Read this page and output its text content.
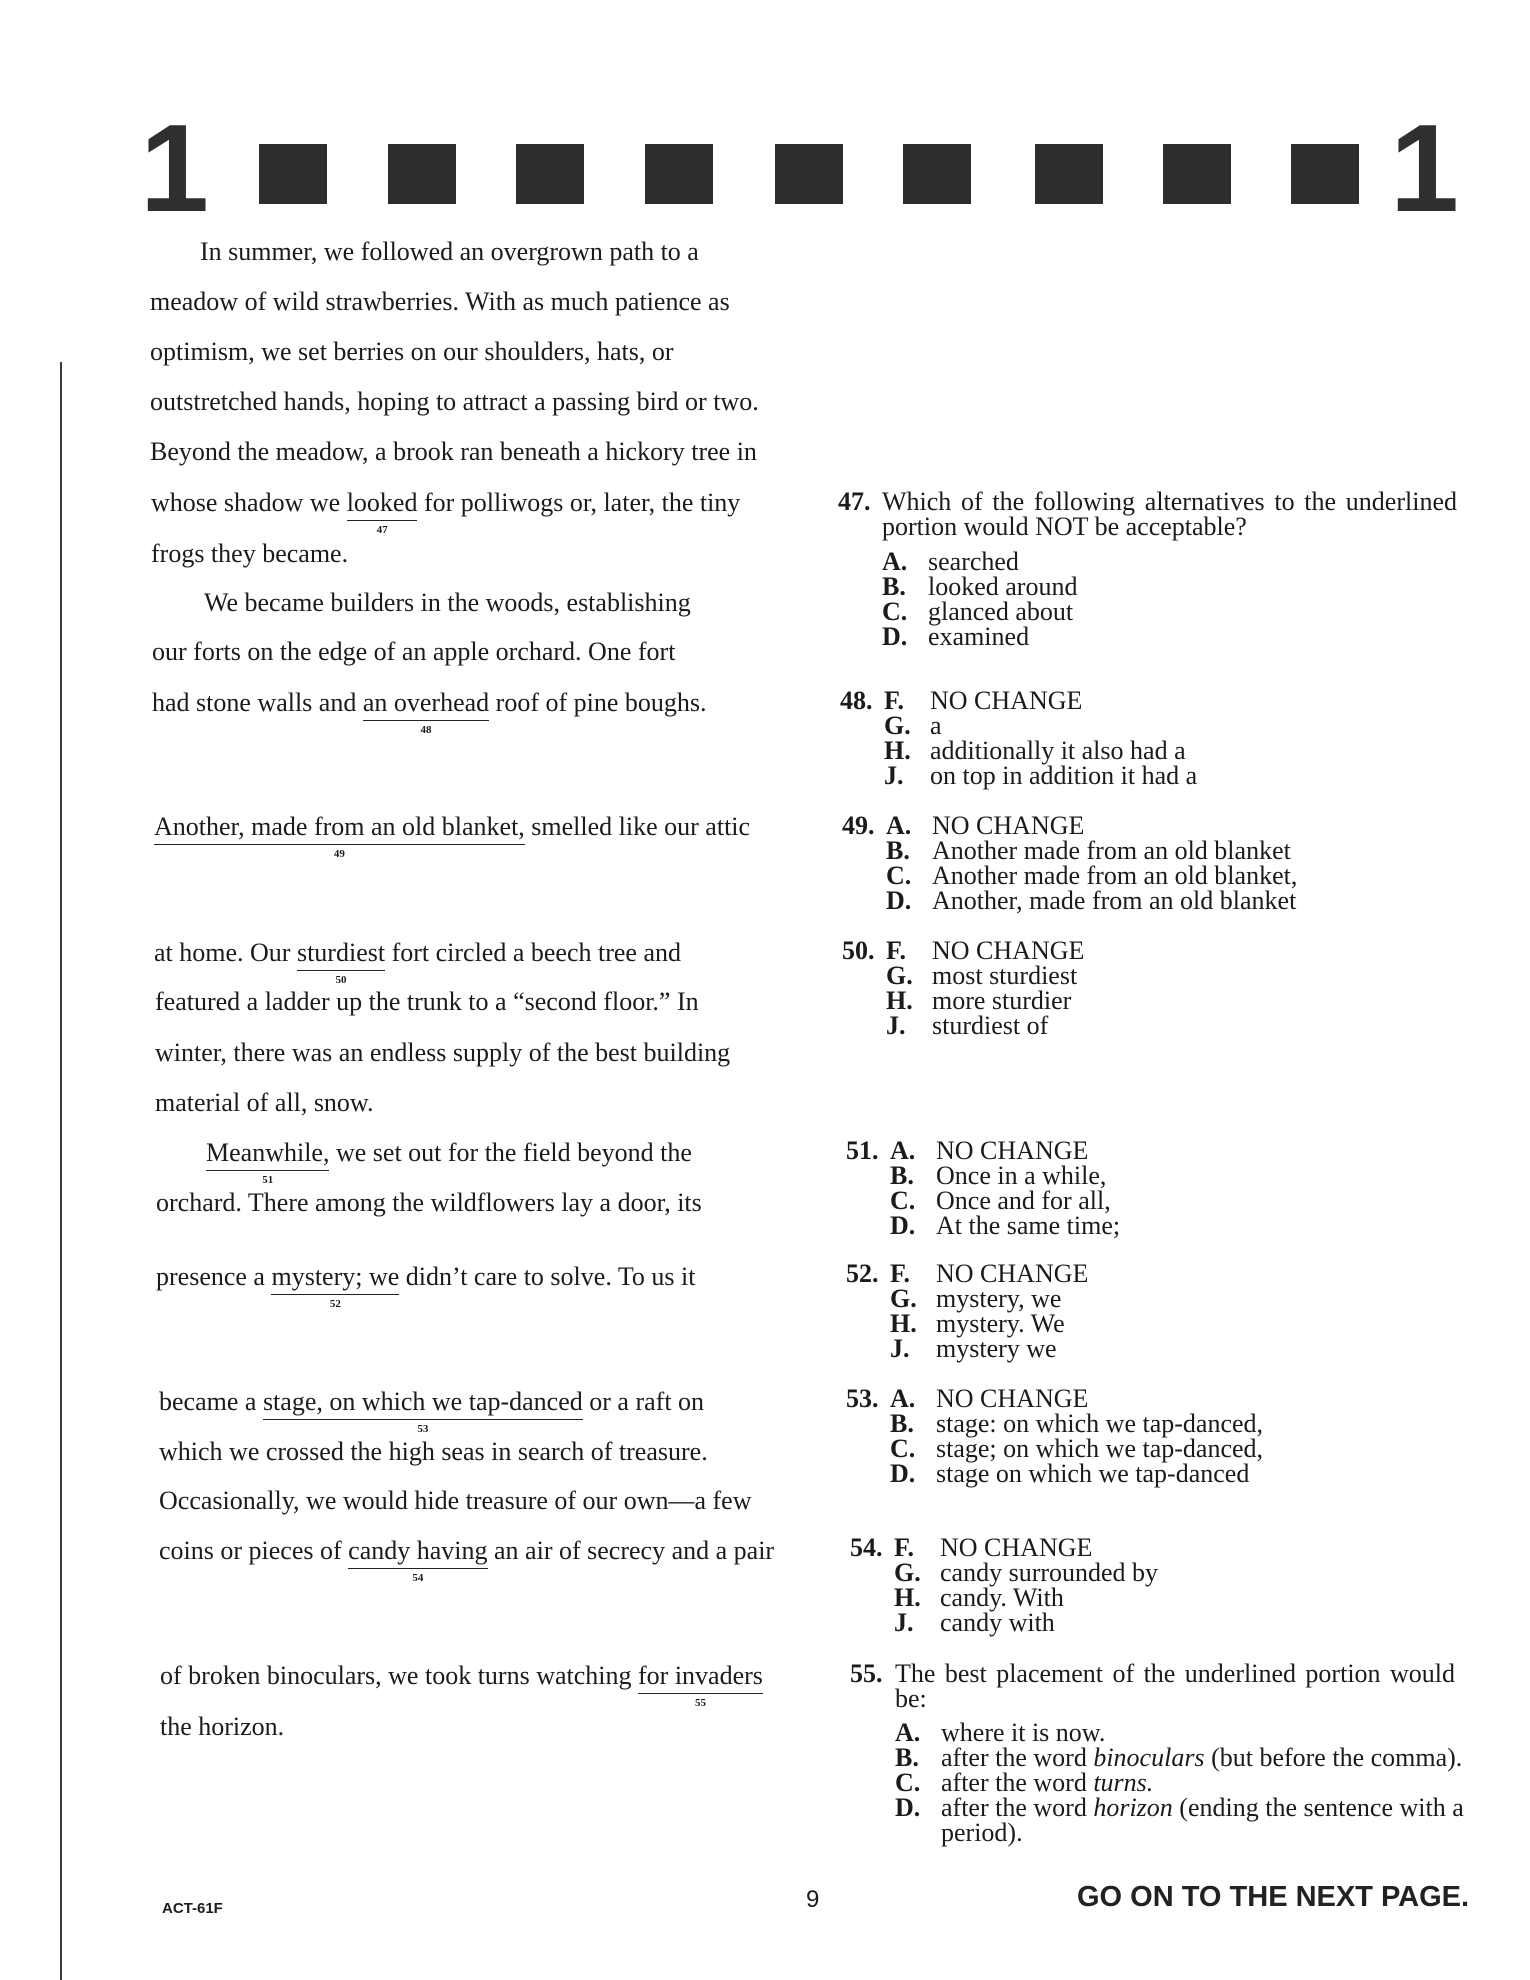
1	1
In summer, we followed an overgrown path to a
meadow of wild strawberries. With as much patience as
optimism, we set berries on our shoulders, hats, or
outstretched hands, hoping to attract a passing bird or two.
Beyond the meadow, a brook ran beneath a hickory tree in
whose shadow we looked
47
for polliwogs or, later, the tiny
frogs they became.
We became builders in the woods, establishing
our forts on the edge of an apple orchard. One fort
had stone walls and an overhead
48
roof of pine boughs.
Another, made from an old blanket,
49
smelled like our attic
at home. Our sturdiest
50
fort circled a beech tree and
featured a ladder up the trunk to a “second floor.” In
winter, there was an endless supply of the best building
material of all, snow.
Meanwhile,
51
we set out for the field beyond the
orchard. There among the wildflowers lay a door, its
presence a mystery; we
52
didn’t care to solve. To us it
became a stage, on which we tap-danced
53
or a raft on
which we crossed the high seas in search of treasure.
Occasionally, we would hide treasure of our own—a few
coins or pieces of candy having
54
an air of secrecy and a pair
of broken binoculars, we took turns watching for invaders
55
the horizon.
47. Which of the following alternatives to the underlined portion would NOT be acceptable?
A. searched
B. looked around
C. glanced about
D. examined
48. F.	NO CHANGE
G. a
H. additionally it also had a
J.	on top in addition it had a
49. A. NO CHANGE
B. Another made from an old blanket
C. Another made from an old blanket,
D. Another, made from an old blanket
50. F.	NO CHANGE
G. most sturdiest
H. more sturdier
J.	sturdiest of
51. A. NO CHANGE
B. Once in a while,
C. Once and for all,
D. At the same time;
52. F.	NO CHANGE
G. mystery, we
H. mystery. We
J.	mystery we
53. A. NO CHANGE
B. stage: on which we tap-danced,
C. stage; on which we tap-danced,
D. stage on which we tap-danced
54. F.	NO CHANGE
G. candy surrounded by
H. candy. With
J.	candy with
55. The best placement of the underlined portion would be:
A. where it is now.
B. after the word binoculars (but before the comma).
C. after the word turns.
D. after the word horizon (ending the sentence with a period).
ACT-61F	9	GO ON TO THE NEXT PAGE.
